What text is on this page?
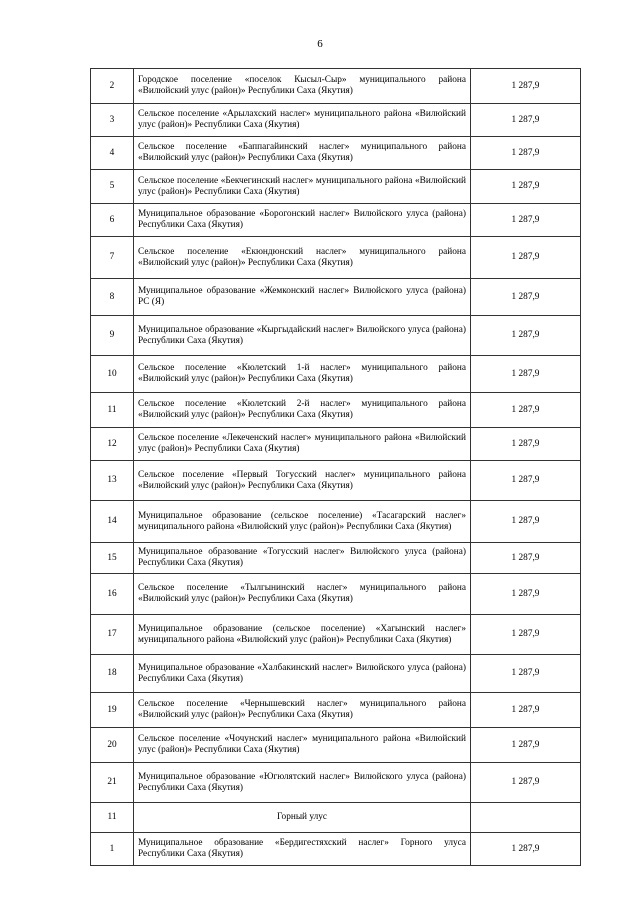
6
2	Городское поселение «поселок Кысыл-Сыр» муниципального района «Вилюйский улус (район)» Республики Саха (Якутия)	1 287,9
3	Сельское поселение «Арылахский наслег» муниципального района «Вилюйский улус (район)» Республики Саха (Якутия)	1 287,9
4	Сельское поселение «Баппагайинский наслег» муниципального района «Вилюйский улус (район)» Республики Саха (Якутия)	1 287,9
5	Сельское поселение «Бекчегинский наслег» муниципального района «Вилюйский улус (район)» Республики Саха (Якутия)	1 287,9
6	Муниципальное образование «Борогонский наслег» Вилюйского улуса (района) Республики Саха (Якутия)	1 287,9
7	Сельское поселение «Екюндюнский наслег» муниципального района «Вилюйский улус (район)» Республики Саха (Якутия)	1 287,9
8	Муниципальное образование «Жемконский наслег» Вилюйского улуса (района) РС (Я)	1 287,9
9	Муниципальное образование «Кыргыдайский наслег» Вилюйского улуса (района) Республики Саха (Якутия)	1 287,9
10	Сельское поселение «Кюлетский 1-й наслег» муниципального района «Вилюйский улус (район)» Республики Саха (Якутия)	1 287,9
11	Сельское поселение «Кюлетский 2-й наслег» муниципального района «Вилюйский улус (район)» Республики Саха (Якутия)	1 287,9
12	Сельское поселение «Лекеченский наслег» муниципального района «Вилюйский улус (район)» Республики Саха (Якутия)	1 287,9
13	Сельское поселение «Первый Тогусский наслег» муниципального района «Вилюйский улус (район)» Республики Саха (Якутия)	1 287,9
14	Муниципальное образование (сельское поселение) «Тасагарский наслег» муниципального района «Вилюйский улус (район)» Республики Саха (Якутия)	1 287,9
15	Муниципальное образование «Тогусский наслег» Вилюйского улуса (района) Республики Саха (Якутия)	1 287,9
16	Сельское поселение «Тылгынинский наслег» муниципального района «Вилюйский улус (район)» Республики Саха (Якутия)	1 287,9
17	Муниципальное образование (сельское поселение) «Хагынский наслег» муниципального района «Вилюйский улус (район)» Республики Саха (Якутия)	1 287,9
18	Муниципальное образование «Халбакинский наслег» Вилюйского улуса (района) Республики Саха (Якутия)	1 287,9
19	Сельское поселение «Чернышевский наслег» муниципального района «Вилюйский улус (район)» Республики Саха (Якутия)	1 287,9
20	Сельское поселение «Чочунский наслег» муниципального района «Вилюйский улус (район)» Республики Саха (Якутия)	1 287,9
21	Муниципальное образование «Югюлятский наслег» Вилюйского улуса (района) Республики Саха (Якутия)	1 287,9
11	Горный улус	
1	Муниципальное образование «Бердигестяхский наслег» Горного улуса Республики Саха (Якутия)	1 287,9
